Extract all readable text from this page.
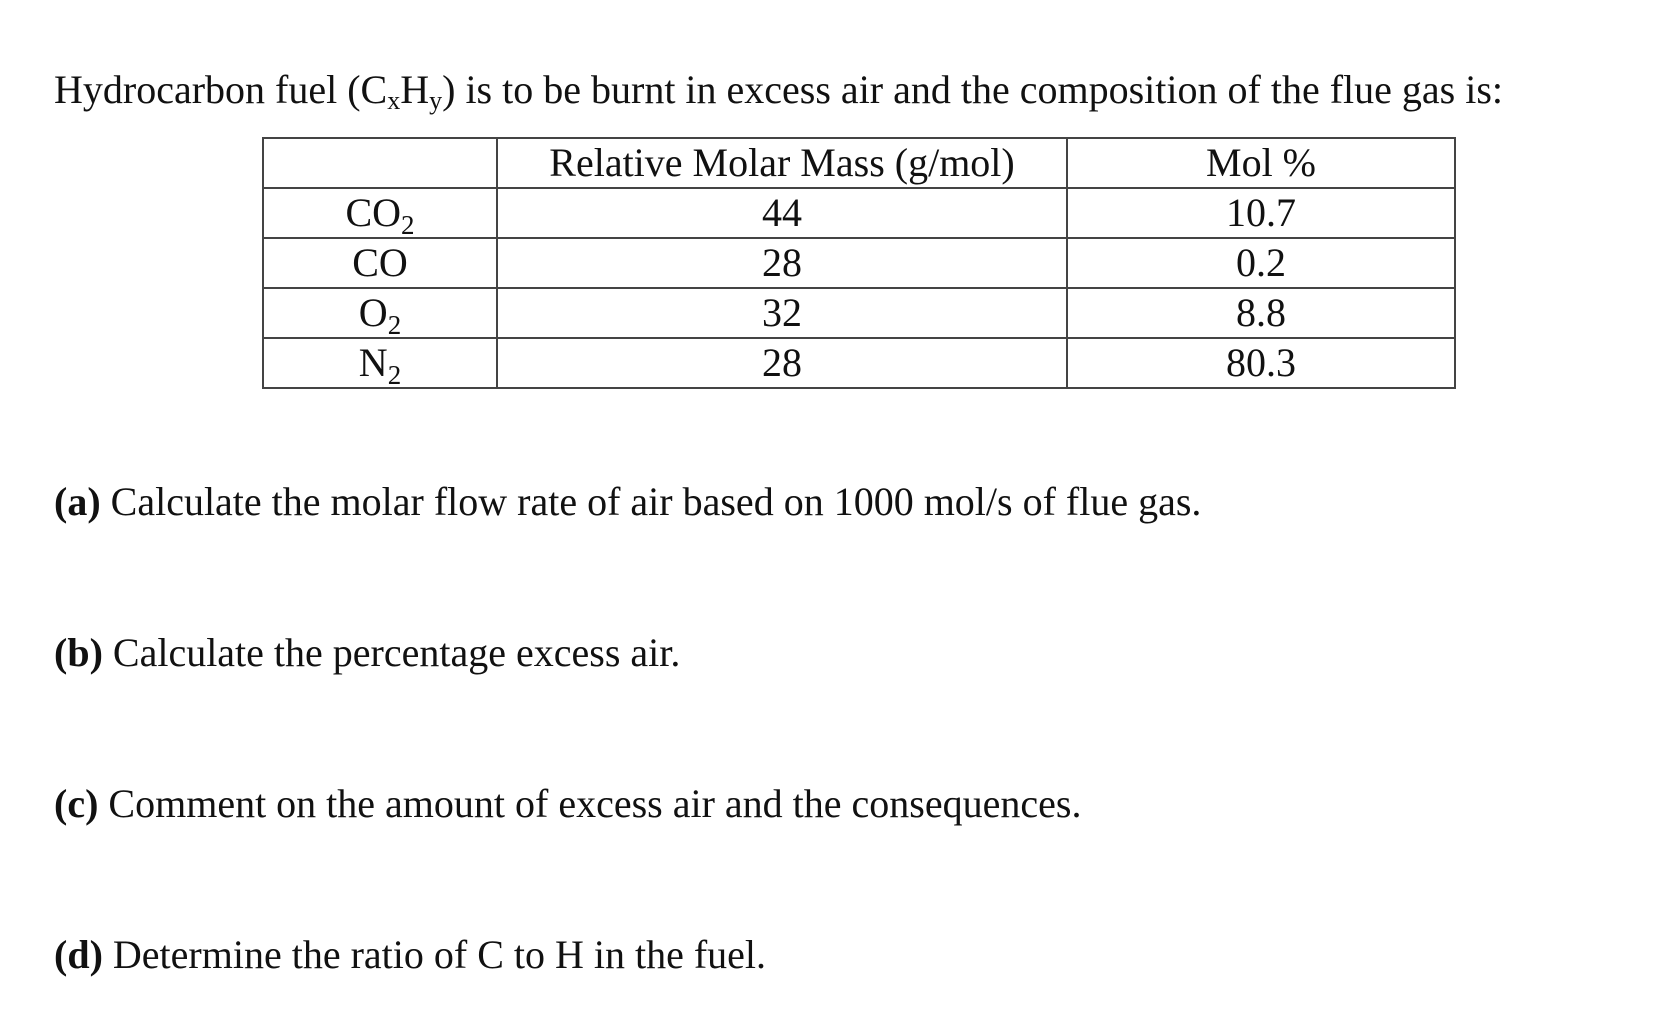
Hydrocarbon fuel (CxHy) is to be burnt in excess air and the composition of the flue gas is:
	Relative Molar Mass (g/mol)	Mol %
$CO_2$	44	10.7
CO	28	0.2
$O_2$	32	8.8
$N_2$	28	80.3
(a) Calculate the molar flow rate of air based on 1000 mol/s of flue gas.
(b) Calculate the percentage excess air.
(c) Comment on the amount of excess air and the consequences.
(d) Determine the ratio of C to H in the fuel.
